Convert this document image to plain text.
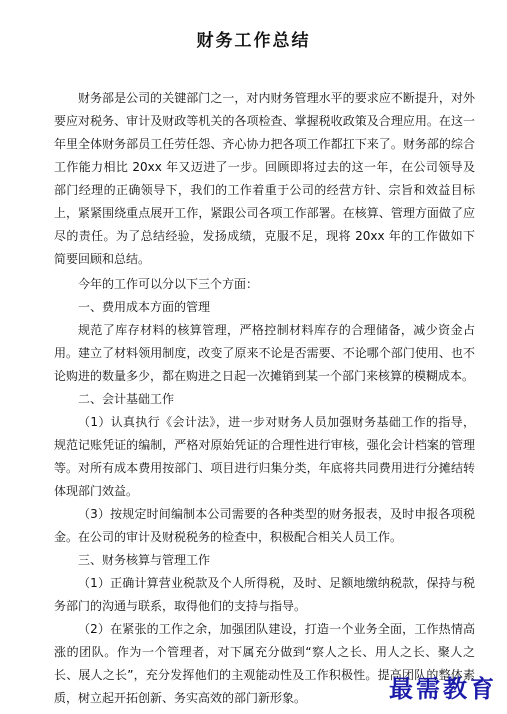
财务工作总结

财务部是公司的关键部门之一，对内财务管理水平的要求应不断提升，对外要应对税务、审计及财政等机关的各项检查、掌握税收政策及合理应用。在这一年里全体财务部员工任劳任怨、齐心协力把各项工作都扛下来了。财务部的综合工作能力相比 20xx 年又迈进了一步。回顾即将过去的这一年，在公司领导及部门经理的正确领导下，我们的工作着重于公司的经营方针、宗旨和效益目标上，紧紧围绕重点展开工作，紧跟公司各项工作部署。在核算、管理方面做了应尽的责任。为了总结经验，发扬成绩，克服不足，现将 20xx 年的工作做如下简要回顾和总结。

今年的工作可以分以下三个方面：

一、费用成本方面的管理

规范了库存材料的核算管理，严格控制材料库存的合理储备，减少资金占用。建立了材料领用制度，改变了原来不论是否需要、不论哪个部门使用、也不论购进的数量多少，都在购进之日起一次摊销到某一个部门来核算的模糊成本。

二、会计基础工作

（1）认真执行《会计法》，进一步对财务人员加强财务基础工作的指导，规范记账凭证的编制，严格对原始凭证的合理性进行审核，强化会计档案的管理等。对所有成本费用按部门、项目进行归集分类，年底将共同费用进行分摊结转体现部门效益。

（3）按规定时间编制本公司需要的各种类型的财务报表，及时申报各项税金。在公司的审计及财税税务的检查中，积极配合相关人员工作。

三、财务核算与管理工作

（1）正确计算营业税款及个人所得税，及时、足额地缴纳税款，保持与税务部门的沟通与联系，取得他们的支持与指导。

（2）在紧张的工作之余，加强团队建设，打造一个业务全面，工作热情高涨的团队。作为一个管理者，对下属充分做到“察人之长、用人之长、聚人之长、展人之长”，充分发挥他们的主观能动性及工作积极性。提高团队的整体素质，树立起开拓创新、务实高效的部门新形象。	最需教育
